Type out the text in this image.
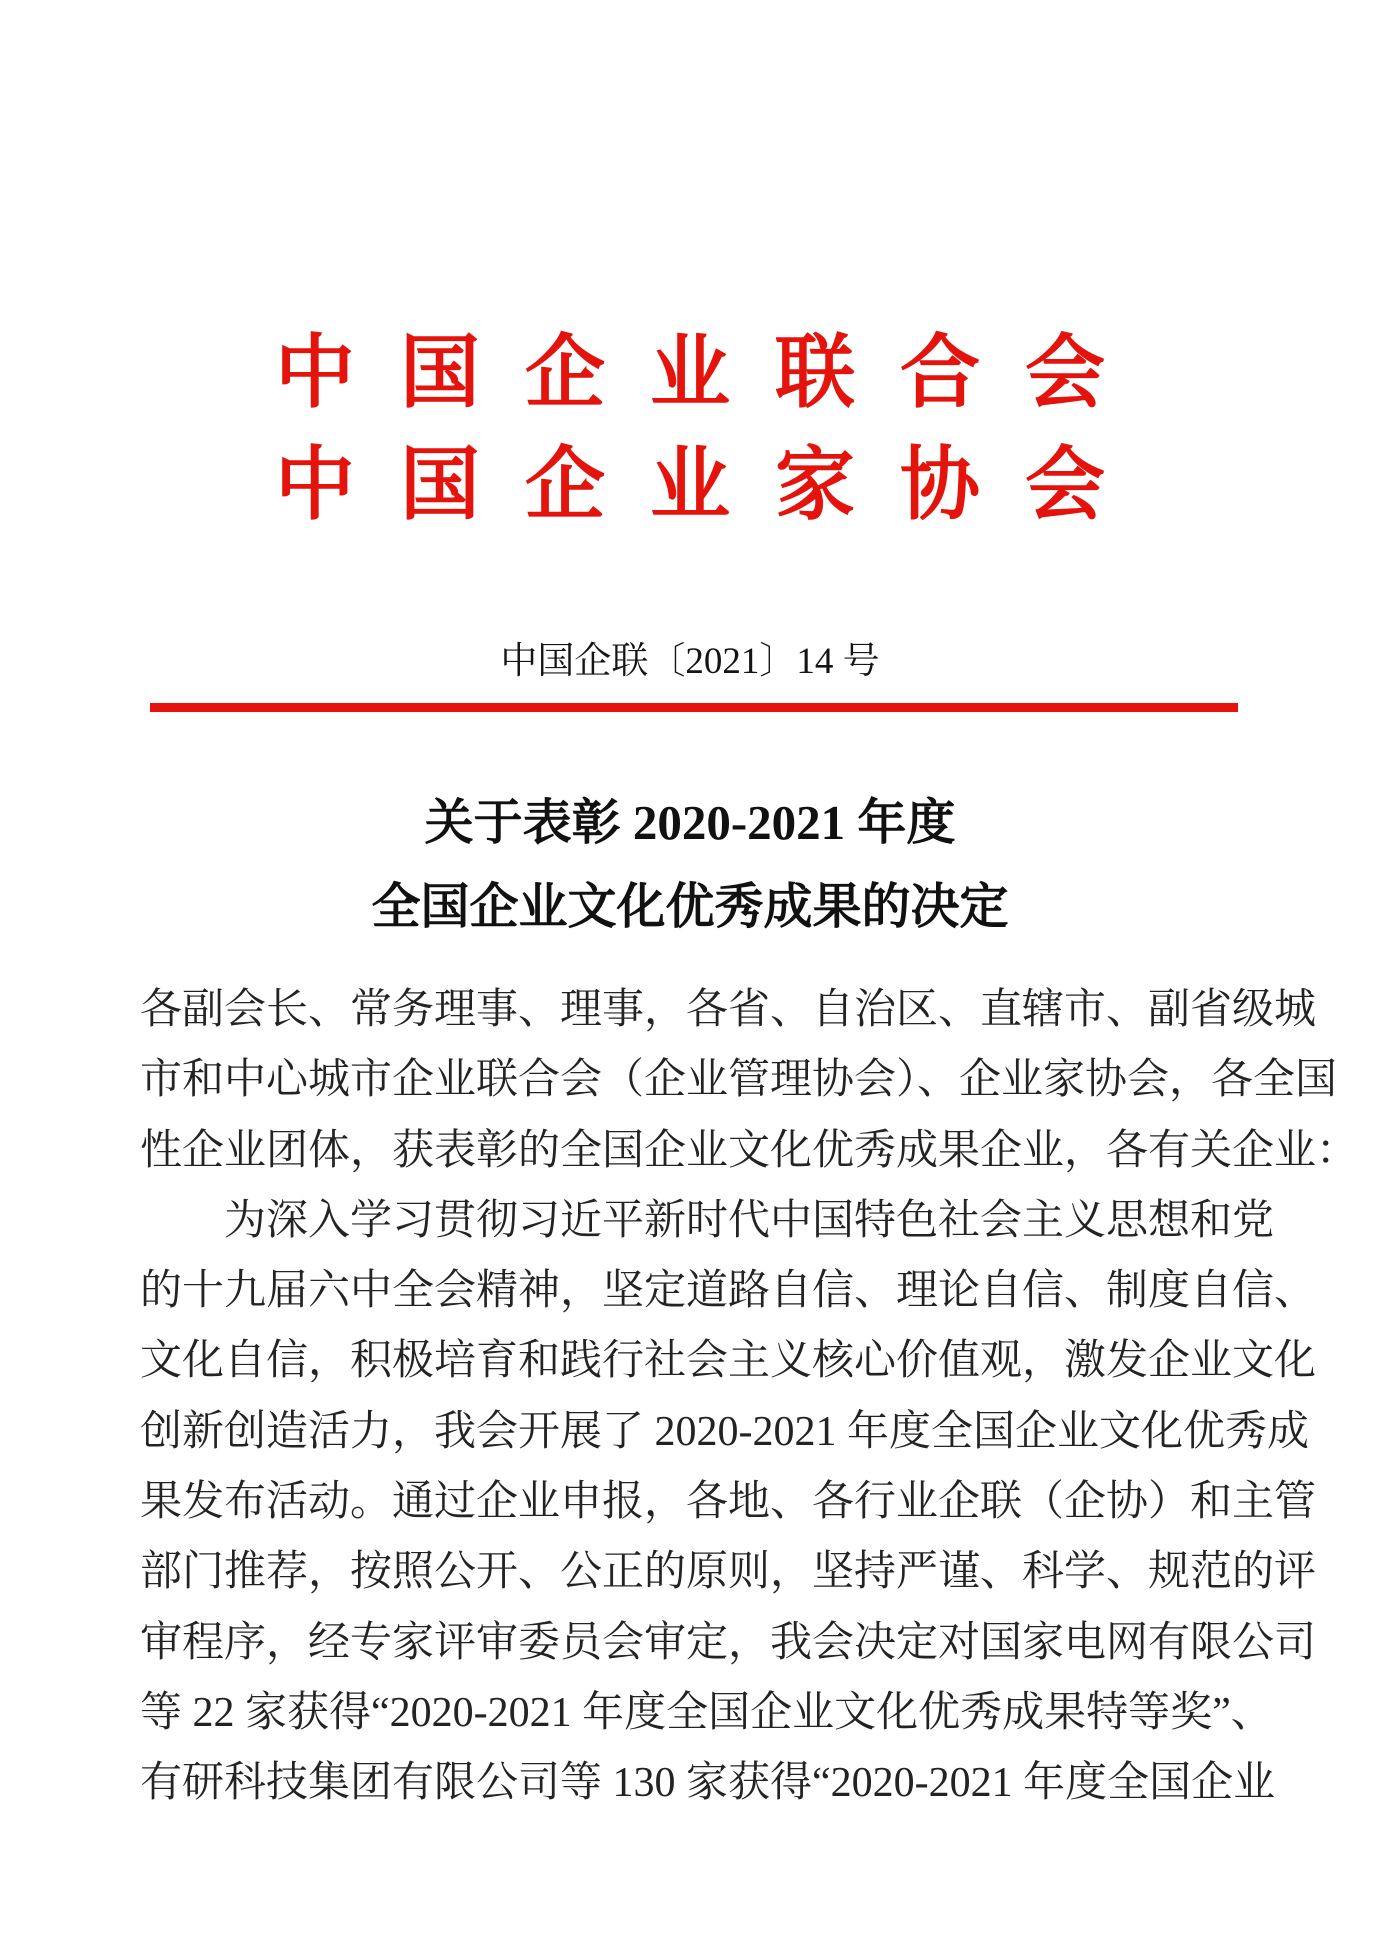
中国企业联合会
中国企业家协会
中国企联〔2021〕14 号
关于表彰 2020-2021 年度
全国企业文化优秀成果的决定
各副会长、常务理事、理事，各省、自治区、直辖市、副省级城
市和中心城市企业联合会（企业管理协会）、企业家协会，各全国
性企业团体，获表彰的全国企业文化优秀成果企业，各有关企业：
为深入学习贯彻习近平新时代中国特色社会主义思想和党
的十九届六中全会精神，坚定道路自信、理论自信、制度自信、
文化自信，积极培育和践行社会主义核心价值观，激发企业文化
创新创造活力，我会开展了 2020-2021 年度全国企业文化优秀成
果发布活动。通过企业申报，各地、各行业企联（企协）和主管
部门推荐，按照公开、公正的原则，坚持严谨、科学、规范的评
审程序，经专家评审委员会审定，我会决定对国家电网有限公司
等 22 家获得“2020-2021 年度全国企业文化优秀成果特等奖”、
有研科技集团有限公司等 130 家获得“2020-2021 年度全国企业
